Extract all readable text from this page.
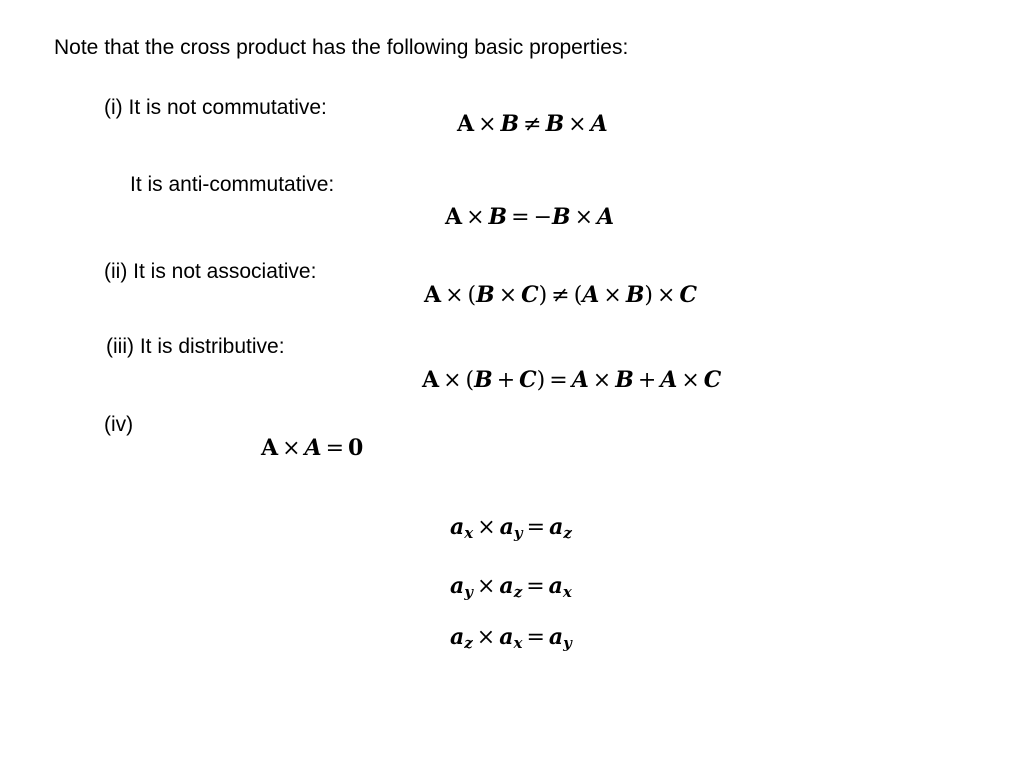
Note that the cross product has the following basic properties:
(i) It is not commutative:
A × B ≠ B × A
It is anti-commutative:
A × B = −B × A
(ii) It is not associative:
A × (B × C) ≠ (A × B) × C
(iii) It is distributive:
A × (B + C) = A × B + A × C
(iv)
A × A = 0
$a_x \times a_y = a_z$
$a_y \times a_z = a_x$
$a_z \times a_x = a_y$
